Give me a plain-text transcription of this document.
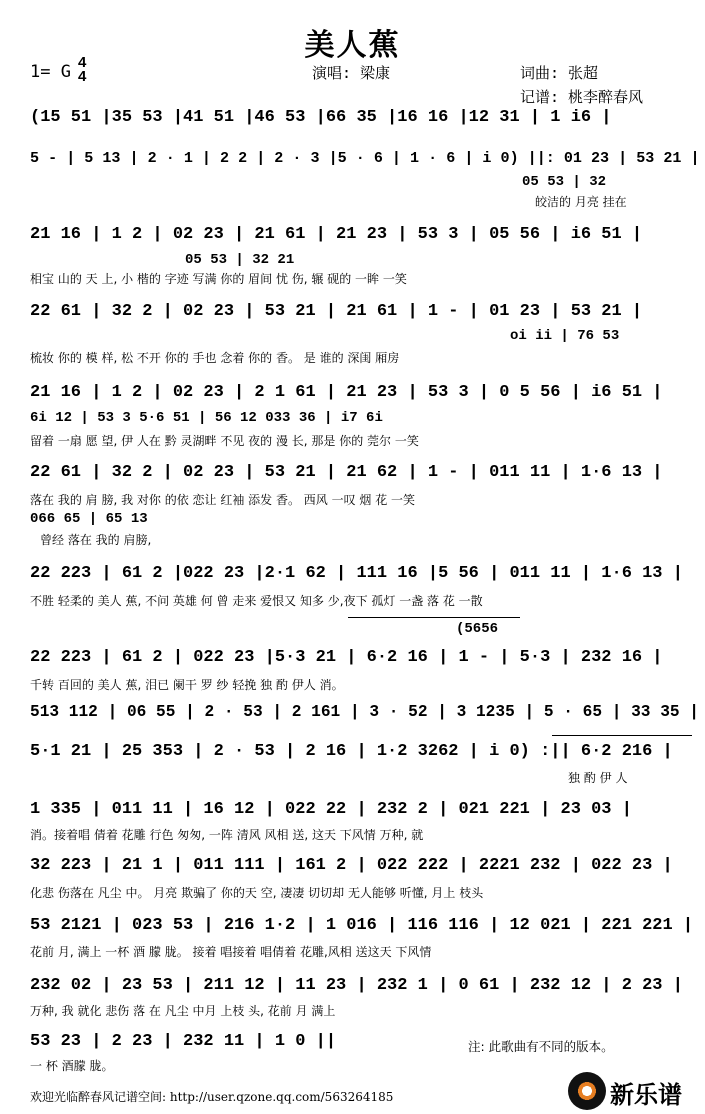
美人蕉
1= G 4
4	演唱: 梁康	词曲: 张超
记谱: 桃李醉春风
(15 51 |35 53 |41 51 |46 53 |66 35 |16 16 |12 31 | 1 i6 |
5 - | 5 13 | 2 · 1 | 2 2 | 2 · 3 |5 · 6 | 1 · 6 | i 0) ||: 01 23 | 53 21 |
05 53 | 32
皎洁的 月亮 挂在
21 16 | 1 2 | 02 23 | 21 61 | 21 23 | 53 3 | 05 56 | i6 51 |
05 53 | 32 21
相宝 山的 天 上, 小 楷的 字迹 写满 你的 眉间 忧 伤, 辗 砚的 一眸 一笑
22 61 | 32 2 | 02 23 | 53 21 | 21 61 | 1 - | 01 23 | 53 21 |
oi ii | 76 53
梳妆 你的 模 样, 松 不开 你的 手也 念着 你的 香。 是 谁的 深闺 厢房
21 16 | 1 2 | 02 23 | 2 1 61 | 21 23 | 53 3 | 0 5 56 | i6 51 |
6i 12 | 53 3 5·6 51 | 56 12 033 36 | i7 6i
留着 一扇 愿 望, 伊 人在 黔 灵湖畔 不见 夜的 漫 长, 那是 你的 莞尔 一笑
22 61 | 32 2 | 02 23 | 53 21 | 21 62 | 1 - | 011 11 | 1·6 13 |
落在 我的 肩 膀, 我 对你 的依 恋让 红袖 添发 香。 西风 一叹 烟 花 一笑
066 65 | 65 13
曾经 落在 我的 肩膀,
22 223 | 61 2 |022 23 |2·1 62 | 111 16 |5 56 | 011 11 | 1·6 13 |
不胜 轻柔的 美人 蕉, 不问 英雄 何 曾 走来 爱恨又 知多 少,夜下 孤灯 一盏 落 花 一散
(5656
22 223 | 61 2 | 022 23 |5·3 21 | 6·2 16 | 1 - | 5·3 | 232 16 |
千转 百回的 美人 蕉, 泪已 阑干 罗 纱 轻挽 独 酌 伊人 消。
513 112 | 06 55 | 2 · 53 | 2 161 | 3 · 52 | 3 1235 | 5 · 65 | 33 35 |
5·1 21 | 25 353 | 2 · 53 | 2 16 | 1·2 3262 | i 0) :|| 6·2 216 |
独 酌 伊 人
1 335 | 011 11 | 16 12 | 022 22 | 232 2 | 021 221 | 23 03 |
消。接着唱 倩着 花雕 行色 匆匆, 一阵 清风 风相 送, 这天 下风情 万种, 就
32 223 | 21 1 | 011 111 | 161 2 | 022 222 | 2221 232 | 022 23 |
化悲 伤落在 凡尘 中。 月亮 欺骗了 你的天 空, 凄凄 切切却 无人能够 听懂, 月上 枝头
53 2121 | 023 53 | 216 1·2 | 1 016 | 116 116 | 12 021 | 221 221 |
花前 月, 满上 一杯 酒 朦 胧。 接着 唱接着 唱倩着 花雕,风相 送这天 下风情
232 02 | 23 53 | 211 12 | 11 23 | 232 1 | 0 61 | 232 12 | 2 23 |
万种, 我 就化 悲伤 落 在 凡尘 中月 上枝 头, 花前 月 满上
53 23 | 2 23 | 232 11 | 1 0 ||
一 杯 酒朦 胧。
注: 此歌曲有不同的版本。
欢迎光临醉春风记谱空间: http://user.qzone.qq.com/563264185	新乐谱
